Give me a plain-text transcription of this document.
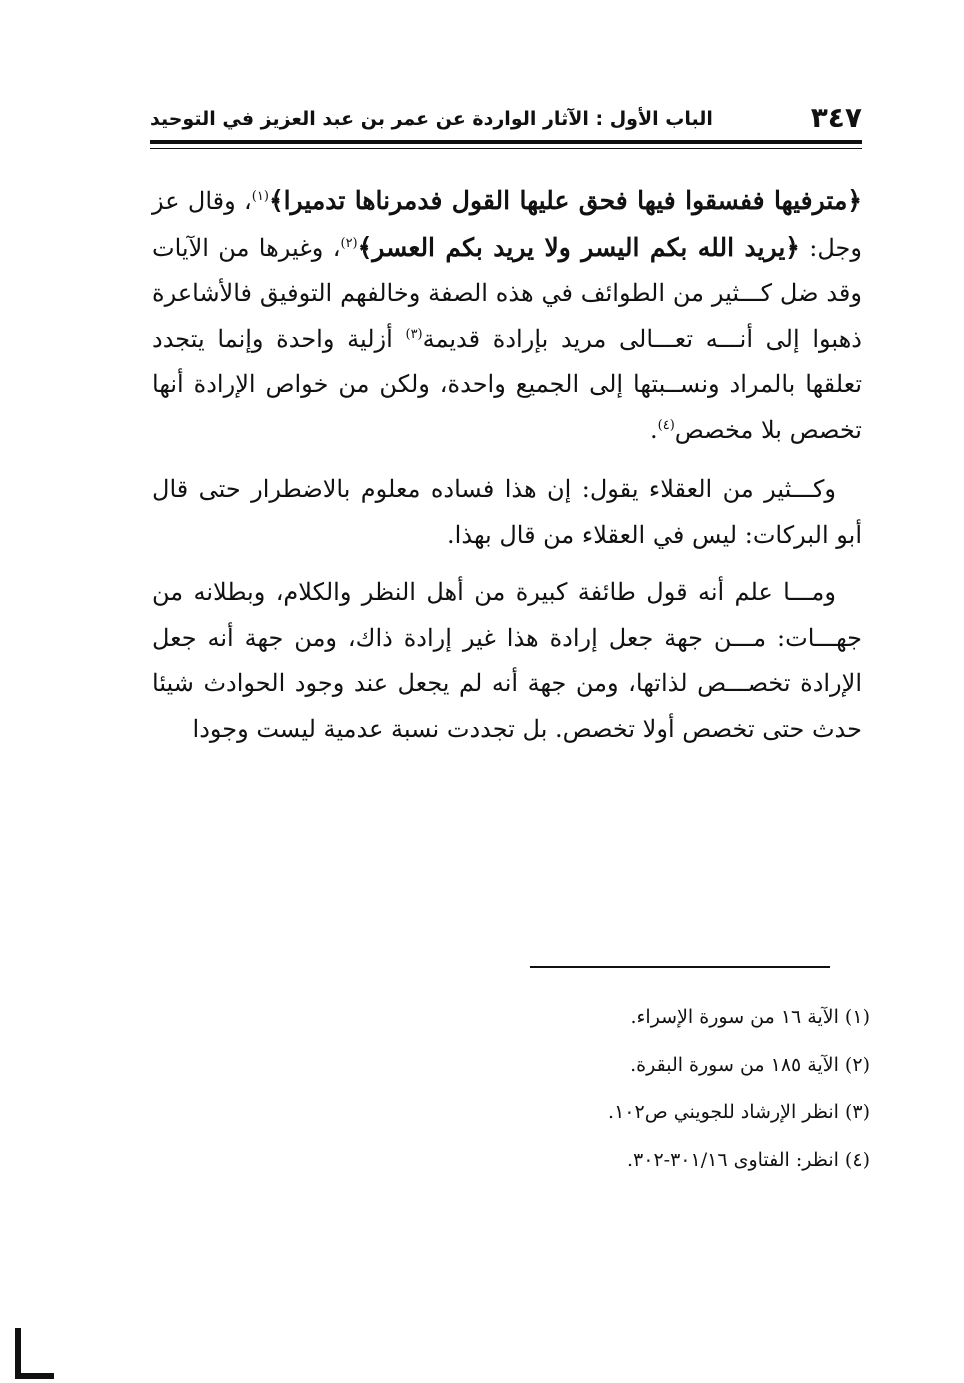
٣٤٧
الباب الأول : الآثار الواردة عن عمر بن عبد العزيز في التوحيد

﴿مترفيها ففسقوا فيها فحق عليها القول فدمرناها تدميرا﴾$^{(١)}$، وقال عز وجل: ﴿يريد الله بكم اليسر ولا يريد بكم العسر﴾$^{(٢)}$، وغيرها من الآيات وقد ضل كـــثير من الطوائف في هذه الصفة وخالفهم التوفيق فالأشاعرة ذهبوا إلى أنـــه تعـــالى مريد بإرادة قديمة$^{(٣)}$ أزلية واحدة وإنما يتجدد تعلقها بالمراد ونســبتها إلى الجميع واحدة، ولكن من خواص الإرادة أنها تخصص بلا مخصص$^{(٤)}$.

وكـــثير من العقلاء يقول: إن هذا فساده معلوم بالاضطرار حتى قال أبو البركات: ليس في العقلاء من قال بهذا.

ومـــا علم أنه قول طائفة كبيرة من أهل النظر والكلام، وبطلانه من جهـــات: مـــن جهة جعل إرادة هذا غير إرادة ذاك، ومن جهة أنه جعل الإرادة تخصـــص لذاتها، ومن جهة أنه لم يجعل عند وجود الحوادث شيئا حدث حتى تخصص أولا تخصص. بل تجددت نسبة عدمية ليست وجودا

(١) الآية ١٦ من سورة الإسراء.
(٢) الآية ١٨٥ من سورة البقرة.
(٣) انظر الإرشاد للجويني ص١٠٢.
(٤) انظر: الفتاوى ٣٠١/١٦-٣٠٢.
